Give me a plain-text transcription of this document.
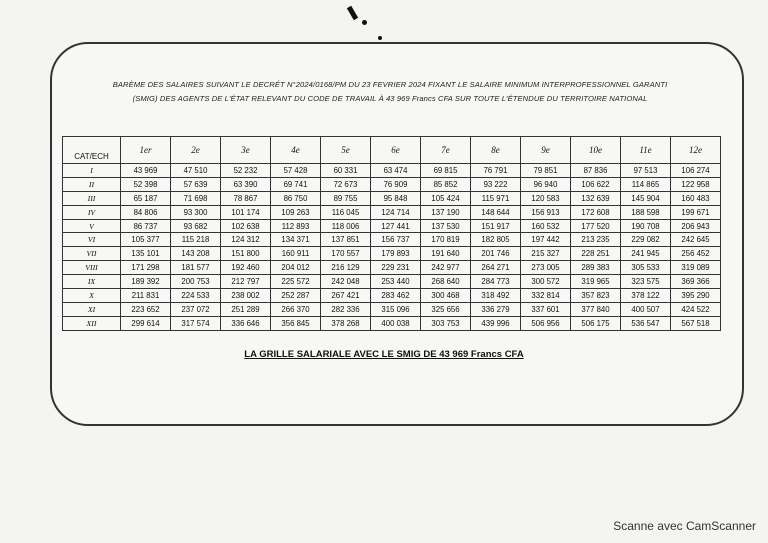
BARÈME DES SALAIRES SUIVANT LE DECRÉT N°2024/0168/PM DU 23 FEVRIER 2024 FIXANT LE SALAIRE MINIMUM INTERPROFESSIONNEL GARANTI
(SMIG) DES AGENTS DE L'ÉTAT RELEVANT DU CODE DE TRAVAIL À 43 969 Francs CFA SUR TOUTE L'ÉTENDUE DU TERRITOIRE NATIONAL
CAT/ECH	1er	2e	3e	4e	5e	6e	7e	8e	9e	10e	11e	12e
I	43 969	47 510	52 232	57 428	60 331	63 474	69 815	76 791	79 851	87 836	97 513	106 274
II	52 398	57 639	63 390	69 741	72 673	76 909	85 852	93 222	96 940	106 622	114 865	122 958
III	65 187	71 698	78 867	86 750	89 755	95 848	105 424	115 971	120 583	132 639	145 904	160 483
IV	84 806	93 300	101 174	109 263	116 045	124 714	137 190	148 644	156 913	172 608	188 598	199 671
V	86 737	93 682	102 638	112 893	118 006	127 441	137 530	151 917	160 532	177 520	190 708	206 943
VI	105 377	115 218	124 312	134 371	137 851	156 737	170 819	182 805	197 442	213 235	229 082	242 645
VII	135 101	143 208	151 800	160 911	170 557	179 893	191 640	201 746	215 327	228 251	241 945	256 452
VIII	171 298	181 577	192 460	204 012	216 129	229 231	242 977	264 271	273 005	289 383	305 533	319 089
IX	189 392	200 753	212 797	225 572	242 048	253 440	268 640	284 773	300 572	319 965	323 575	369 366
X	211 831	224 533	238 002	252 287	267 421	283 462	300 468	318 492	332 814	357 823	378 122	395 290
XI	223 652	237 072	251 289	266 370	282 336	315 096	325 656	336 279	337 601	377 840	400 507	424 522
XII	299 614	317 574	336 646	356 845	378 268	400 038	303 753	439 996	506 956	506 175	536 547	567 518
LA GRILLE SALARIALE AVEC LE SMIG DE 43 969 Francs CFA
Scanne avec CamScanner
